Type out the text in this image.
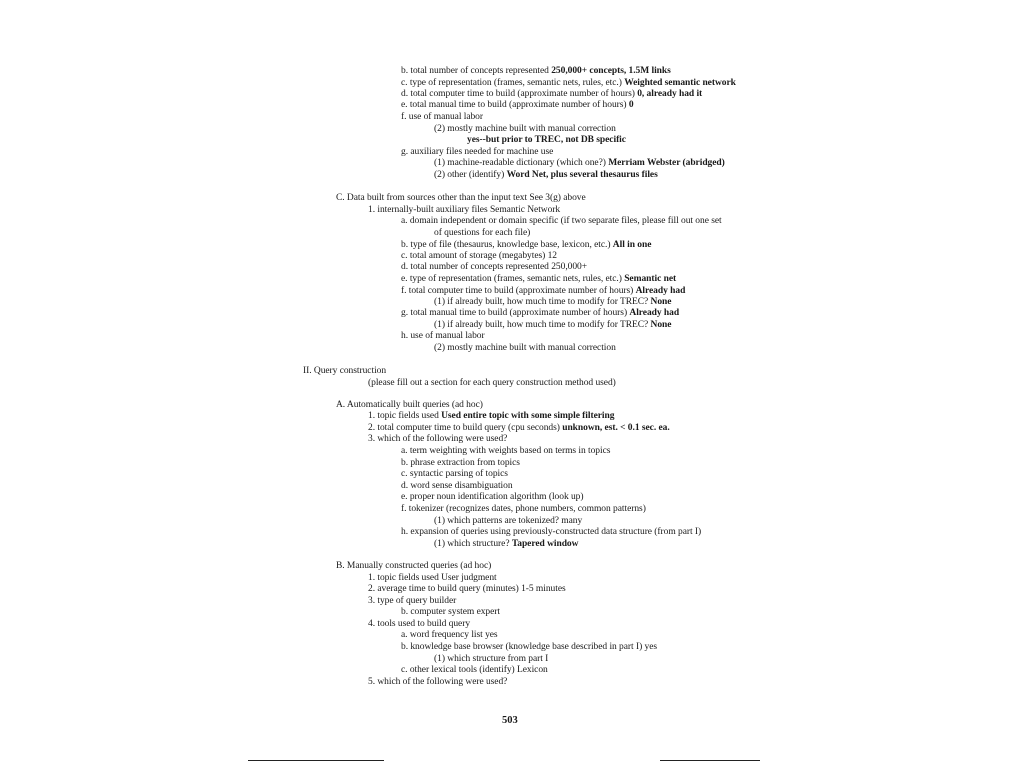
b. total number of concepts represented 250,000+ concepts, 1.5M links
c. type of representation (frames, semantic nets, rules, etc.) Weighted semantic network
d. total computer time to build (approximate number of hours) 0, already had it
e. total manual time to build (approximate number of hours) 0
f. use of manual labor
(2) mostly machine built with manual correction
yes--but prior to TREC, not DB specific
g. auxiliary files needed for machine use
(1) machine-readable dictionary (which one?) Merriam Webster (abridged)
(2) other (identify) Word Net, plus several thesaurus files
C. Data built from sources other than the input text See 3(g) above
1. internally-built auxiliary files Semantic Network
a. domain independent or domain specific (if two separate files, please fill out one set
of questions for each file)
b. type of file (thesaurus, knowledge base, lexicon, etc.) All in one
c. total amount of storage (megabytes) 12
d. total number of concepts represented 250,000+
e. type of representation (frames, semantic nets, rules, etc.) Semantic net
f. total computer time to build (approximate number of hours) Already had
(1) if already built, how much time to modify for TREC? None
g. total manual time to build (approximate number of hours) Already had
(1) if already built, how much time to modify for TREC? None
h. use of manual labor
(2) mostly machine built with manual correction
II. Query construction
(please fill out a section for each query construction method used)
A. Automatically built queries (ad hoc)
1. topic fields used Used entire topic with some simple filtering
2. total computer time to build query (cpu seconds) unknown, est. < 0.1 sec. ea.
3. which of the following were used?
a. term weighting with weights based on terms in topics
b. phrase extraction from topics
c. syntactic parsing of topics
d. word sense disambiguation
e. proper noun identification algorithm (look up)
f. tokenizer (recognizes dates, phone numbers, common patterns)
(1) which patterns are tokenized? many
h. expansion of queries using previously-constructed data structure (from part I)
(1) which structure? Tapered window
B. Manually constructed queries (ad hoc)
1. topic fields used User judgment
2. average time to build query (minutes) 1-5 minutes
3. type of query builder
b. computer system expert
4. tools used to build query
a. word frequency list yes
b. knowledge base browser (knowledge base described in part I) yes
(1) which structure from part I
c. other lexical tools (identify) Lexicon
5. which of the following were used?
503
